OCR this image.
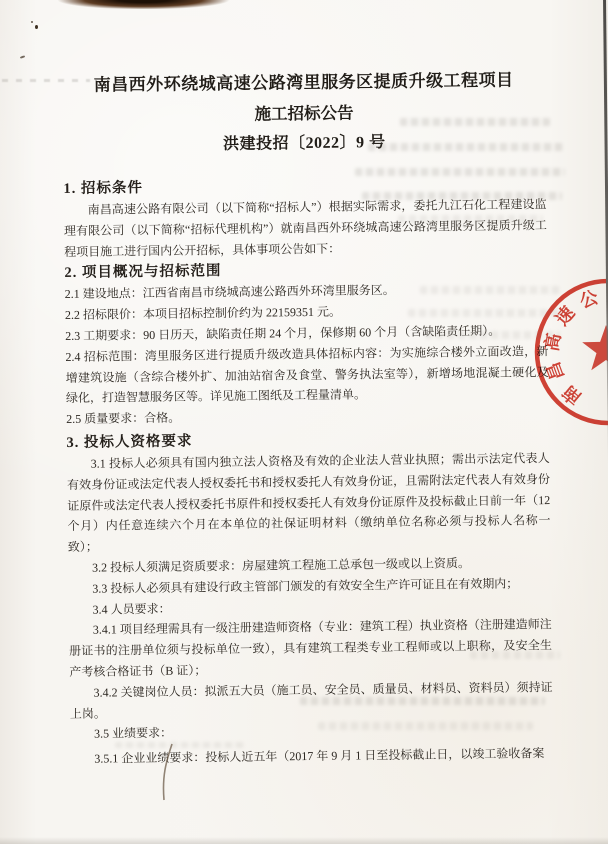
南昌西外环绕城高速公路湾里服务区提质升级工程项目

施工招标公告

洪建投招〔2022〕9 号

1. 招标条件

南昌高速公路有限公司（以下简称“招标人”）根据实际需求，委托九江石化工程建设监理有限公司（以下简称“招标代理机构”）就南昌西外环绕城高速公路湾里服务区提质升级工程项目施工进行国内公开招标，具体事项公告如下：

2. 项目概况与招标范围

2.1 建设地点：江西省南昌市绕城高速公路西外环湾里服务区。

2.2 招标限价：本项目招标控制价约为 22159351 元。

2.3 工期要求：90 日历天，缺陷责任期 24 个月，保修期 60 个月（含缺陷责任期）。

2.4 招标范围：湾里服务区进行提质升级改造具体招标内容：为实施综合楼外立面改造，新增建筑设施（含综合楼外扩、加油站宿舍及食堂、警务执法室等），新增场地混凝土硬化及绿化，打造智慧服务区等。详见施工图纸及工程量清单。

2.5 质量要求：合格。

3. 投标人资格要求

3.1 投标人必须具有国内独立法人资格及有效的企业法人营业执照；需出示法定代表人有效身份证或法定代表人授权委托书和授权委托人有效身份证，且需附法定代表人有效身份证原件或法定代表人授权委托书原件和授权委托人有效身份证原件及投标截止日前一年（12个月）内任意连续六个月在本单位的社保证明材料（缴纳单位名称必须与投标人名称一致）；

3.2 投标人须满足资质要求：房屋建筑工程施工总承包一级或以上资质。

3.3 投标人必须具有建设行政主管部门颁发的有效安全生产许可证且在有效期内；

3.4 人员要求：

3.4.1 项目经理需具有一级注册建造师资格（专业：建筑工程）执业资格（注册建造师注册证书的注册单位须与投标单位一致），具有建筑工程类专业工程师或以上职称，及安全生产考核合格证书（B 证）；

3.4.2 关键岗位人员：拟派五大员（施工员、安全员、质量员、材料员、资料员）须持证上岗。

3.5 业绩要求：

3.5.1 企业业绩要求：投标人近五年（2017 年 9 月 1 日至投标截止日，以竣工验收备案

南
昌
高
速
公
